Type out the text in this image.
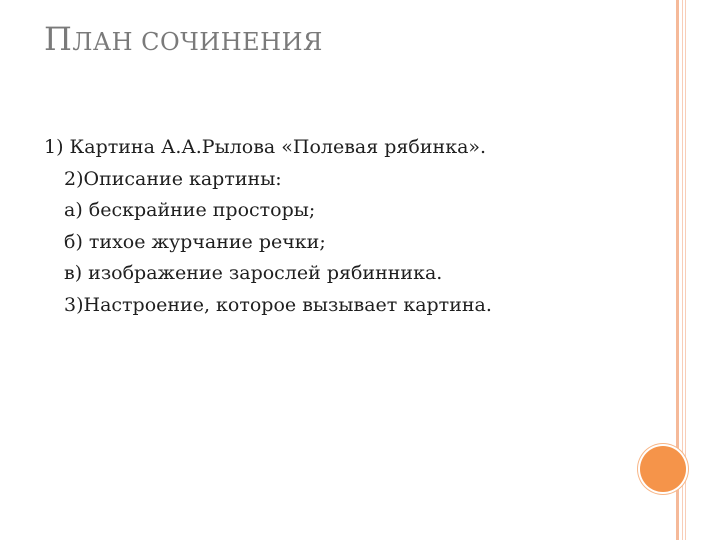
ПЛАН СОЧИНЕНИЯ
1) Картина А.А.Рылова «Полевая рябинка».
2)Описание картины:
а) бескрайние просторы;
б) тихое журчание речки;
в) изображение зарослей рябинника.
3)Настроение, которое вызывает картина.
